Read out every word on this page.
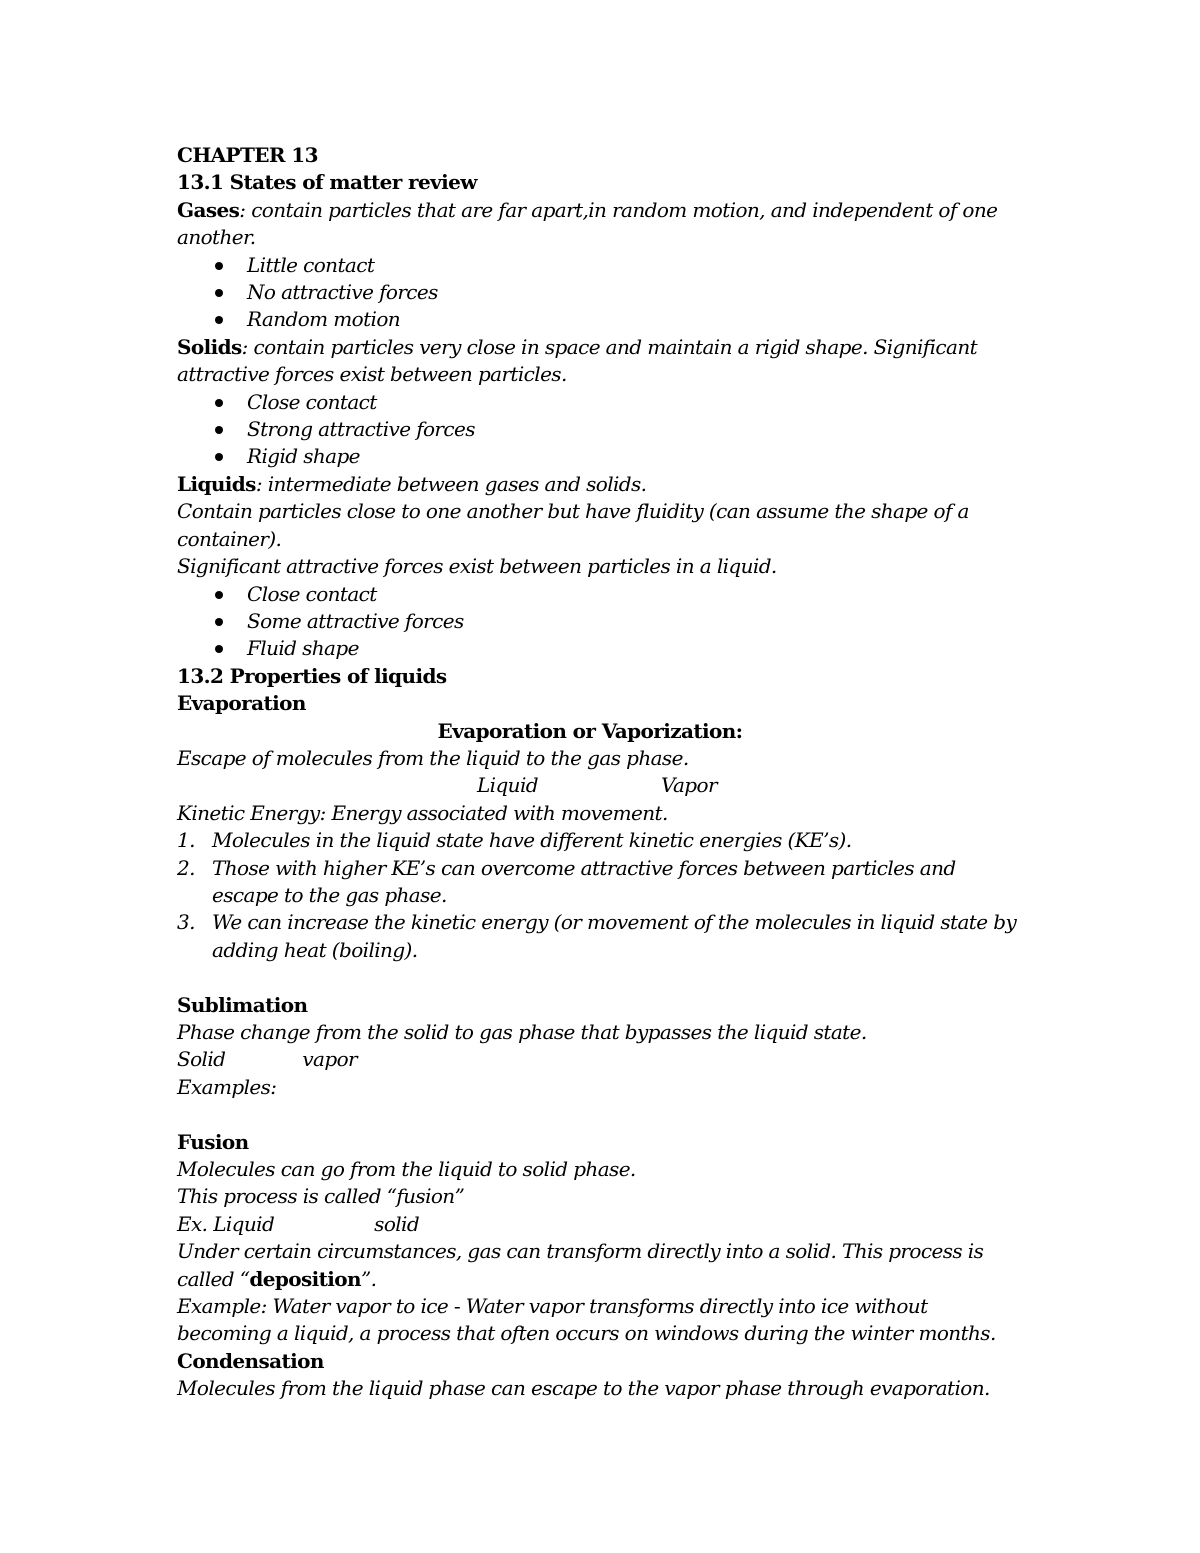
CHAPTER 13
13.1 States of matter review
Gases: contain particles that are far apart,in random motion, and independent of one
another.
Little contact
No attractive forces
Random motion
Solids: contain particles very close in space and maintain a rigid shape. Significant
attractive forces exist between particles.
Close contact
Strong attractive forces
Rigid shape
Liquids: intermediate between gases and solids.
Contain particles close to one another but have fluidity (can assume the shape of a
container).
Significant attractive forces exist between particles in a liquid.
Close contact
Some attractive forces
Fluid shape
13.2 Properties of liquids
Evaporation
Evaporation or Vaporization:
Escape of molecules from the liquid to the gas phase.
Liquid	Vapor
Kinetic Energy: Energy associated with movement.
1. Molecules in the liquid state have different kinetic energies (KE’s).
2. Those with higher KE’s can overcome attractive forces between particles and
escape to the gas phase.
3. We can increase the kinetic energy (or movement of the molecules in liquid state by
adding heat (boiling).
Sublimation
Phase change from the solid to gas phase that bypasses the liquid state.
Solid	vapor
Examples:
Fusion
Molecules can go from the liquid to solid phase.
This process is called “fusion”
Ex. Liquid	solid
Under certain circumstances, gas can transform directly into a solid. This process is
called “deposition”.
Example: Water vapor to ice - Water vapor transforms directly into ice without
becoming a liquid, a process that often occurs on windows during the winter months.
Condensation
Molecules from the liquid phase can escape to the vapor phase through evaporation.
